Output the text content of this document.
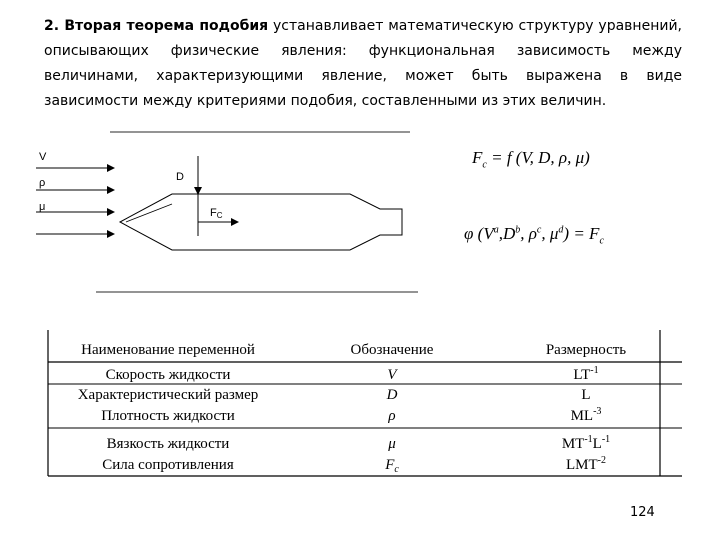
2. Вторая теорема подобия устанавливает математическую структуру уравнений, описывающих физические явления: функциональная зависимость между величинами, характеризующими явление, может быть выражена в виде зависимости между критериями подобия, составленными из этих величин.

V
ρ
μ
D
FC
$F_c = f$ (V, D, ρ, μ)
φ ($V^a,D^b$, $\rho^c$, $\mu^d) = F_c$
Наименование переменной	Обозначение	Размерность
Скорость жидкости	V	$LT^{-1}$
Характеристический размер	D	L
Плотность жидкости	ρ	$ML^{-3}$
Вязкость жидкости	μ	$MT^{-1}L^{-1}$
Сила сопротивления	$F_c$	$LMT^{-2}$
124
